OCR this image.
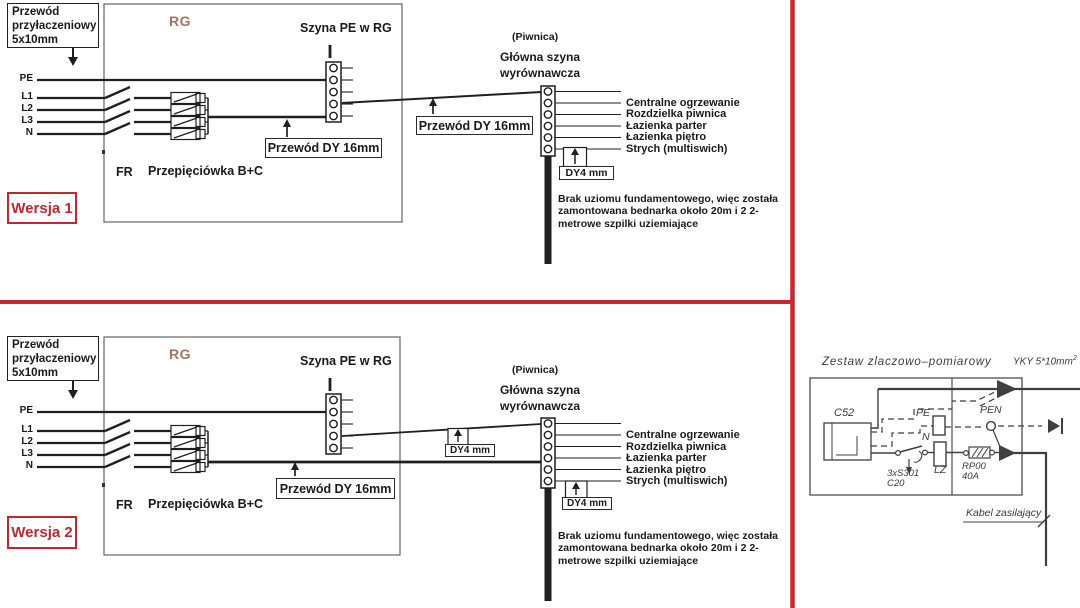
Przewód
przyłaczeniowy
5x10mm
RG	Szyna PE w RG
PE
L1
L2
L3
N
(Piwnica)
Główna szyna
wyrównawcza
Centralne ogrzewanie
Rozdzielka piwnica
Łazienka parter
Łazienka piętro
Strych (multiswich)
FR Przepięciówka B+C
Przewód DY 16mm
Przewód DY 16mm
DY4 mm
Brak uziomu fundamentowego, więc została
zamontowana bednarka około 20m i 2 2-
metrowe szpilki uziemiające
Wersja 1
Przewód
przyłaczeniowy
5x10mm
RG	Szyna PE w RG
PE
L1
L2
L3
N
(Piwnica)
Główna szyna
wyrównawcza
Centralne ogrzewanie
Rozdzielka piwnica
Łazienka parter
Łazienka piętro
Strych (multiswich)
FR Przepięciówka B+C
Przewód DY 16mm
DY4 mm
DY4 mm
Brak uziomu fundamentowego, więc została
zamontowana bednarka około 20m i 2 2-
metrowe szpilki uziemiające
Wersja 2
Zestaw zlaczowo–pomiarowy YKY $5*10mm^2$
C52	PE
N
LZ
PEN
3xS301
C20
RP00
40A
Kabel zasilający
